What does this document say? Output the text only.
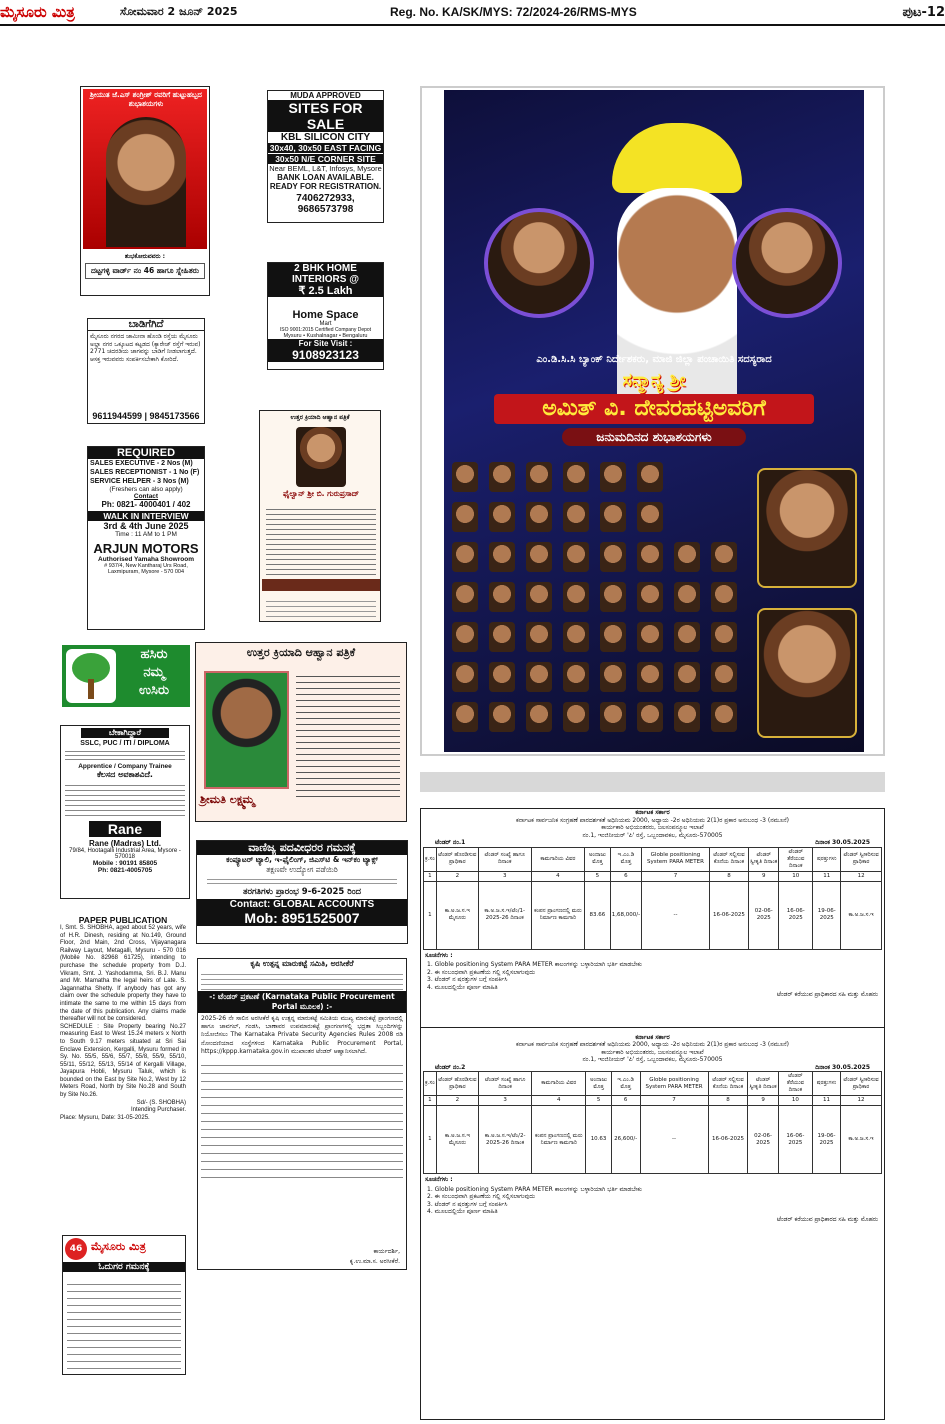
ಮೈಸೂರು ಮಿತ್ರ	ಸೋಮವಾರ 2 ಜೂನ್ 2025	Reg. No. KA/SK/MYS: 72/2024-26/RMS-MYS	ಪುಟ-12
ಶ್ರೀಯುತ ಜೆ.ಎಸ್ ಶಂಗ್ರೀಶ್ ರವರಿಗೆ ಹುಟ್ಟುಹಬ್ಬದ ಶುಭಾಶಯಗಳು
ಶುಭಕೋರುವವರು :
ದಟ್ಟಗಳ್ಳಿ ವಾರ್ಡ್ ನಂ 46 ಹಾಗೂ ಸ್ನೇಹಿತರು
MUDA APPROVED
SITES FOR SALE
KBL SILICON CITY
30x40, 30x50 EAST FACING
30x50 N/E CORNER SITE
Near BEML, L&T, Infosys, Mysore
BANK LOAN AVAILABLE.
READY FOR REGISTRATION.
7406272933, 9686573798
2 BHK HOME
INTERIORS @
₹ 2.5 Lakh
Home Space
Mart
ISO 9001:2015 Certified Company Depot
Mysuru • Kushalnagar • Bengaluru
For Site Visit :
9108923123
ಬಾಡಿಗೆಗಿದೆ
ಮೈಸೂರು ನಗರದ ಜಾಮೀನಾ ಹೊಂಡಿ ರಸ್ತೆಯ ಮೈಸೂರು ಅಲ್ಲಾ ನಗರ ಒಕ್ಕೂಟದ ಕಟ್ಟಡದ (ಕ್ಯಾರೇಜ್ ರಸ್ತೆಗೆ ಇರುವ) 2771 ಚದರಡಿಯ ಜಾಗವನ್ನು ಬಾಡಿಗೆ ನೀಡಲಾಗುತ್ತದೆ. ಆಸಕ್ತ ಇರುವವರು ಸಂಪರ್ಕಿಸಬೇಕಾಗಿ ಕೋರಿದೆ.
9611944599 | 9845173566
REQUIRED
SALES EXECUTIVE - 2 Nos (M)
SALES RECEPTIONIST - 1 No (F)
SERVICE HELPER - 3 Nos (M)
(Freshers can also apply)
Contact
Ph: 0821- 4000401 / 402
WALK IN INTERVIEW
3rd & 4th June 2025
Time : 11 AM to 1 PM
ARJUN MOTORS
Authorised Yamaha Showroom
# 937/4, New Kantharaj Urs Road, Laxmipuram, Mysore - 570 004
ಉತ್ತರ ಕ್ರಿಯಾದಿ ಆಹ್ವಾನ ಪತ್ರಿಕೆ
ಫೈಲ್ವಾನ್ ಶ್ರೀ ಬಿ. ಗುರುಪ್ರಸಾದ್
ಹಸಿರು
ನಮ್ಮ
ಉಸಿರು
ಉತ್ತರ ಕ್ರಿಯಾದಿ ಆಹ್ವಾನ ಪತ್ರಿಕೆ
ಶ್ರೀಮತಿ ಲಕ್ಷ್ಮಮ್ಮ
ಬೇಕಾಗಿದ್ದಾರೆ
SSLC, PUC / ITI / DIPLOMA
Apprentice / Company Trainee
ಕೆಲಸದ ಅವಕಾಶವಿದೆ.
Rane
Rane (Madras) Ltd.
79/84, Hootagalli Industrial Area, Mysore - 570018
Mobile : 90191 85805
Ph: 0821-4005705
ವಾಣಿಜ್ಯ ಪದವೀಧರರ ಗಮನಕ್ಕೆ
ಕಂಪ್ಯೂಟರ್ ಟ್ಯಾಲಿ, ಇ-ಫೈಲಿಂಗ್, ಜಿಎಸ್‌ಟಿ & ಇನ್‌ಕಂ ಟ್ಯಾಕ್ಸ್
ತಕ್ಷಣವೇ ಉದ್ಯೋಗ ಪಡೆಯಿರಿ
ತರಗತಿಗಳು ಪ್ರಾರಂಭ 9-6-2025 ರಿಂದ
Contact: GLOBAL ACCOUNTS
Mob: 8951525007
PAPER PUBLICATION
I, Smt. S. SHOBHA, aged about 52 years, wife of H.R. Dinesh, residing at No.149, Ground Floor, 2nd Main, 2nd Cross, Vijayanagara Railway Layout, Metagalli, Mysuru - 570 016 (Mobile No. 82968 61725), intending to purchase the schedule property from D.J. Vikram, Smt. J. Yashodamma, Sri. B.J. Manu and Mr. Mamatha the legal heirs of Late. S. Jagannatha Shetty. If anybody has got any claim over the schedule property they have to intimate the same to me within 15 days from the date of this publication. Any claims made thereafter will not be considered.
SCHEDULE : Site Property bearing No.27 measuring East to West 15.24 meters x North to South 9.17 meters situated at Sri Sai Enclave Extension, Kergalli, Mysuru formed in Sy. No. 55/5, 55/6, 55/7, 55/8, 55/9, 55/10, 55/11, 55/12, 55/13, 55/14 of Kergalli Village, Jayapura Hobli, Mysuru Taluk, which is bounded on the East by Site No.2, West by 12 Meters Road, North by Site No.28 and South by Site No.26.
Sd/- (S. SHOBHA)
Intending Purchaser.
Place: Mysuru, Date: 31-05-2025.
ಕೃಷಿ ಉತ್ಪನ್ನ ಮಾರುಕಟ್ಟೆ ಸಮಿತಿ, ಅರಸೀಕೆರೆ
-: ಟೆಂಡರ್ ಪ್ರಕಟಣೆ (Karnataka Public Procurement Portal ಮೂಲಕ) :-
2025-26 ನೇ ಸಾಲಿನ ಅರಸೀಕೆರೆ ಕೃಷಿ ಉತ್ಪನ್ನ ಮಾರುಕಟ್ಟೆ ಸಮಿತಿಯ ಮುಖ್ಯ ಮಾರುಕಟ್ಟೆ ಪ್ರಾಂಗಣದಲ್ಲಿ ಹಾಗೂ ಜಾವಗಲ್, ಗಂಡಸಿ, ಬಾಣಾವರ ಉಪಮಾರುಕಟ್ಟೆ ಪ್ರಾಂಗಣಗಳಲ್ಲಿ ಭದ್ರತಾ ಸಿಬ್ಬಂದಿಗಳನ್ನು ನಿಯೋಜಿಸಲು The Karnataka Private Security Agencies Rules 2008 ರಡಿ ನೋಂದಣಿಯಾದ ಸಂಸ್ಥೆಗಳಿಂದ Karnataka Public Procurement Portal, https://kppp.karnataka.gov.in ಮುಖಾಂತರ ಟೆಂಡರ್ ಆಹ್ವಾನಿಸಲಾಗಿದೆ.
ಕಾರ್ಯದರ್ಶಿ,
ಕೃ.ಉ.ಮಾ.ಸ. ಅರಸೀಕೆರೆ.
46 ಮೈಸೂರು ಮಿತ್ರ
ಓದುಗರ ಗಮನಕ್ಕೆ
ಎಂ.ಡಿ.ಸಿ.ಸಿ ಬ್ಯಾಂಕ್ ನಿರ್ದೇಶಕರು, ಮಾಜಿ ಜಿಲ್ಲಾ ಪಂಚಾಯಿತಿ ಸದಸ್ಯರಾದ
ಸನ್ಮಾನ್ಯ ಶ್ರೀ
ಅಮಿತ್ ವಿ. ದೇವರಹಟ್ಟಿಅವರಿಗೆ
ಜನುಮದಿನದ ಶುಭಾಶಯಗಳು
ಕರ್ನಾಟಕ ಸರ್ಕಾರ
ಕರ್ನಾಟಕ ಸಾರ್ವಜನಿಕ ಸಂಗ್ರಹಣೆ ಪಾರದರ್ಶಕತೆ ಅಧಿನಿಯಮ 2000, ಅಧ್ಯಾಯ -2ರ ಅಧಿನಿಯಮ 2(1)ರ ಪ್ರಕಾರ ಅನುಬಂಧ -3 (ನಮೂನೆ)
ಕಾರ್ಯಕಾರಿ ಅಭಿಯಂತರರು, ಜಲಸಂಪನ್ಮೂಲ ಇಲಾಖೆ
ನಂ.1, ಇಂಜಿನೀಯರ್ 'ಪಿ' ರಸ್ತೆ, ಒಬ್ಬಂದಾವಕಲ, ಮೈಸೂರು-570005
ಟೆಂಡರ್ ನಂ.1	ದಿನಾಂಕ 30.05.2025
ಕ್ರ.ಸಂ	ಟೆಂಡರ್ ಹೊರಡಿಸುವ ಪ್ರಾಧಿಕಾರ	ಟೆಂಡರ್ ಸಂಖ್ಯೆ ಹಾಗೂ ದಿನಾಂಕ	ಕಾಮಗಾರಿಯ ವಿವರ	ಅಂದಾಜು ಮೊತ್ತ	ಇ.ಎಂ.ಡಿ ಮೊತ್ತ	Globle positioning System PARA METER	ಟೆಂಡರ್ ಸಲ್ಲಿಸುವ ಕೊನೆಯ ದಿನಾಂಕ	ಟೆಂಡರ್ ಸ್ವೀಕೃತಿ ದಿನಾಂಕ	ಟೆಂಡರ್ ತೆರೆಯುವ ದಿನಾಂಕ	ಷರತ್ತುಗಳು	ಟೆಂಡರ್ ಸ್ವೀಕರಿಸುವ ಪ್ರಾಧಿಕಾರ
1	2	3	4	5	6	7	8	9	10	11	12
1	ಕಾ.ಅ.ಜ.ಸ.ಇ ಮೈಸೂರು	ಕಾ.ಅ.ಜ.ಸ.ಇ/ಟೆಂ/1-2025-26 ದಿನಾಂಕ	ಕಂಪನ ಪ್ರಾಂಗಣದಲ್ಲಿ ಮರು ನಿರ್ಮಾಣ ಕಾಮಗಾರಿ	83.66	1,68,000/-	--	16-06-2025	02-06-2025	16-06-2025	19-06-2025	ಕಾ.ಅ.ಜ.ಸ.ಇ
ಸೂಚನೆಗಳು :
1. Globle positioning System PARA METER ಕಾಲಂಗಳನ್ನು ಬಳ್ಳಾರಿಯಾಗಿ ಭರ್ತಿ ಮಾಡಬೇಕು
2. ಈ ಸಂಬಂಧವಾಗಿ ಪ್ರಕಟಣೆಯ ಗಲ್ಲಿ ಸಲ್ಲಿಸಲಾಗುವುದು
3. ಟೆಂಡರ್ ನ ಷರತ್ತುಗಳ ಬಗ್ಗೆ ಸಂಪರ್ಕಿಸಿ
4. ಮೂಲದಲ್ಲಿಯೇ ಪೂರ್ಣ ಮಾಹಿತಿ
ಟೆಂಡರ್ ಕರೆಯುವ ಪ್ರಾಧಿಕಾರದ ಸಹಿ ಮತ್ತು ಮೊಹರು
ಕರ್ನಾಟಕ ಸರ್ಕಾರ
ಕರ್ನಾಟಕ ಸಾರ್ವಜನಿಕ ಸಂಗ್ರಹಣೆ ಪಾರದರ್ಶಕತೆ ಅಧಿನಿಯಮ 2000, ಅಧ್ಯಾಯ -2ರ ಅಧಿನಿಯಮ 2(1)ರ ಪ್ರಕಾರ ಅನುಬಂಧ -3 (ನಮೂನೆ)
ಕಾರ್ಯಕಾರಿ ಅಭಿಯಂತರರು, ಜಲಸಂಪನ್ಮೂಲ ಇಲಾಖೆ
ನಂ.1, ಇಂಜಿನೀಯರ್ 'ಪಿ' ರಸ್ತೆ, ಒಬ್ಬಂದಾವಕಲ, ಮೈಸೂರು-570005
ಟೆಂಡರ್ ನಂ.2	ದಿನಾಂಕ 30.05.2025
ಕ್ರ.ಸಂ	ಟೆಂಡರ್ ಹೊರಡಿಸುವ ಪ್ರಾಧಿಕಾರ	ಟೆಂಡರ್ ಸಂಖ್ಯೆ ಹಾಗೂ ದಿನಾಂಕ	ಕಾಮಗಾರಿಯ ವಿವರ	ಅಂದಾಜು ಮೊತ್ತ	ಇ.ಎಂ.ಡಿ ಮೊತ್ತ	Globle positioning System PARA METER	ಟೆಂಡರ್ ಸಲ್ಲಿಸುವ ಕೊನೆಯ ದಿನಾಂಕ	ಟೆಂಡರ್ ಸ್ವೀಕೃತಿ ದಿನಾಂಕ	ಟೆಂಡರ್ ತೆರೆಯುವ ದಿನಾಂಕ	ಷರತ್ತುಗಳು	ಟೆಂಡರ್ ಸ್ವೀಕರಿಸುವ ಪ್ರಾಧಿಕಾರ
1	2	3	4	5	6	7	8	9	10	11	12
1	ಕಾ.ಅ.ಜ.ಸ.ಇ ಮೈಸೂರು	ಕಾ.ಅ.ಜ.ಸ.ಇ/ಟೆಂ/2-2025-26 ದಿನಾಂಕ	ಕಂಪನ ಪ್ರಾಂಗಣದಲ್ಲಿ ಮರು ನಿರ್ಮಾಣ ಕಾಮಗಾರಿ	10.63	26,600/-	--	16-06-2025	02-06-2025	16-06-2025	19-06-2025	ಕಾ.ಅ.ಜ.ಸ.ಇ
ಸೂಚನೆಗಳು :
1. Globle positioning System PARA METER ಕಾಲಂಗಳನ್ನು ಬಳ್ಳಾರಿಯಾಗಿ ಭರ್ತಿ ಮಾಡಬೇಕು
2. ಈ ಸಂಬಂಧವಾಗಿ ಪ್ರಕಟಣೆಯ ಗಲ್ಲಿ ಸಲ್ಲಿಸಲಾಗುವುದು
3. ಟೆಂಡರ್ ನ ಷರತ್ತುಗಳ ಬಗ್ಗೆ ಸಂಪರ್ಕಿಸಿ
4. ಮೂಲದಲ್ಲಿಯೇ ಪೂರ್ಣ ಮಾಹಿತಿ
ಟೆಂಡರ್ ಕರೆಯುವ ಪ್ರಾಧಿಕಾರದ ಸಹಿ ಮತ್ತು ಮೊಹರು
